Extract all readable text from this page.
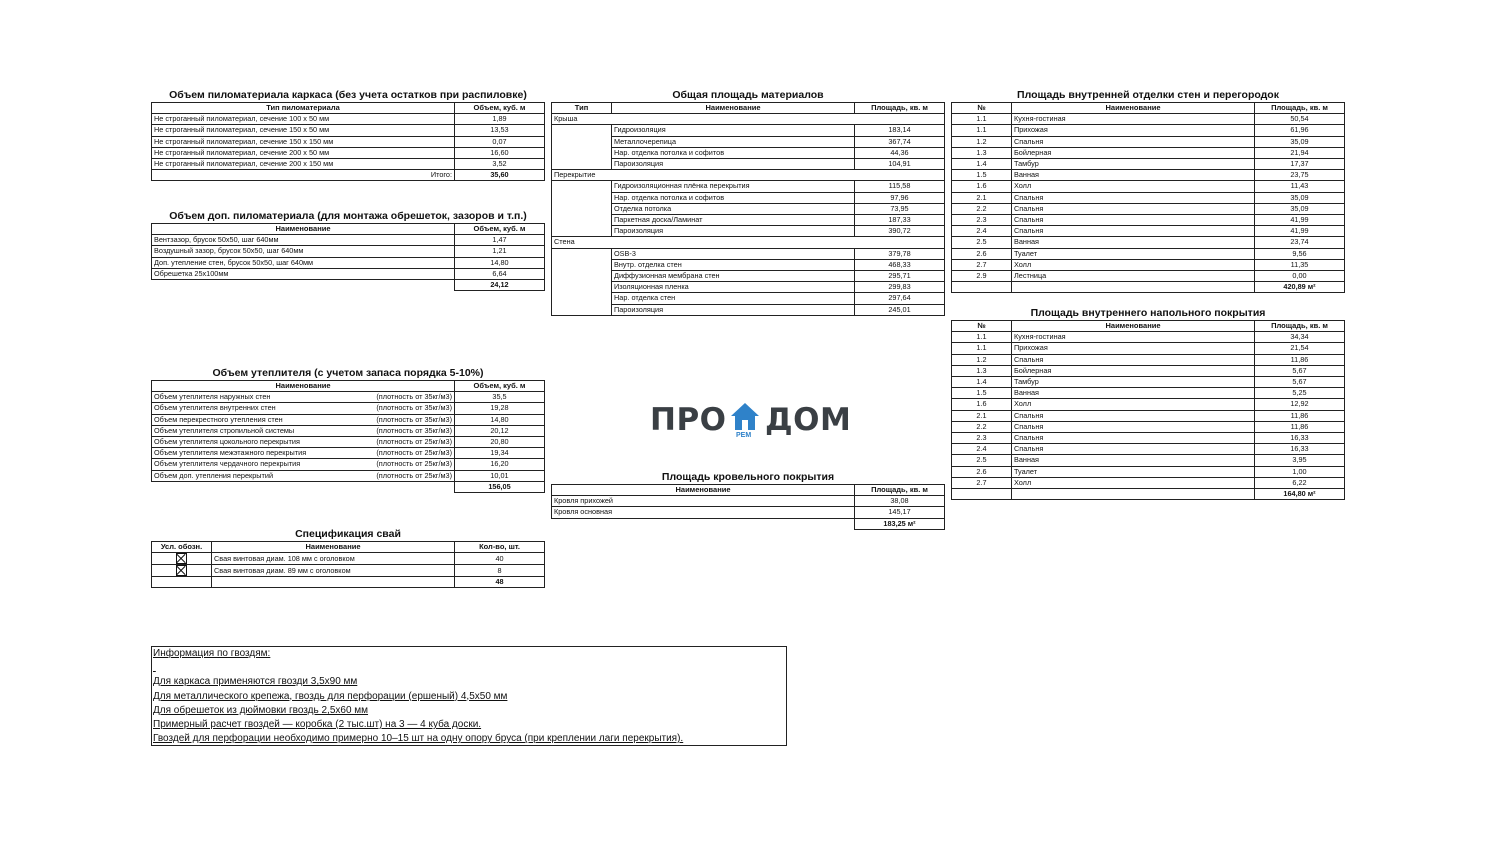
Объем пиломатериала каркаса (без учета остатков при распиловке)
Тип пиломатериала	Объем, куб. м
Не строганный пиломатериал, сечение 100 х 50 мм	1,89
Не строганный пиломатериал, сечение 150 х 50 мм	13,53
Не строганный пиломатериал, сечение 150 х 150 мм	0,07
Не строганный пиломатериал, сечение 200 х 50 мм	16,60
Не строганный пиломатериал, сечение 200 х 150 мм	3,52
Итого:	35,60
Объем доп. пиломатериала (для монтажа обрешеток, зазоров и т.п.)
Наименование	Объем, куб. м
Вентзазор, брусок 50х50, шаг 640мм	1,47
Воздушный зазор, брусок 50х50, шаг 640мм	1,21
Доп. утепление стен, брусок 50х50, шаг 640мм	14,80
Обрешетка 25х100мм	6,64
	24,12
Объем утеплителя (с учетом запаса порядка 5-10%)
Наименование	Объем, куб. м

Объем утеплителя наружных стен (плотность от 35кг/м3)	35,5

Объем утеплителя внутренних стен (плотность от 35кг/м3)	19,28

Объем перекрестного утепления стен (плотность от 35кг/м3)	14,80

Объем утеплителя стропильной системы (плотность от 35кг/м3)	20,12

Объем утеплителя цокольного перекрытия (плотность от 25кг/м3)	20,80

Объем утеплителя межэтажного перекрытия (плотность от 25кг/м3)	19,34

Объем утеплителя чердачного перекрытия (плотность от 25кг/м3)	16,20

Объем доп. утепления перекрытий (плотность от 25кг/м3)	10,01
	156,05
Спецификация свай
Усл. обозн.	Наименование	Кол-во, шт.
	Свая винтовая диам. 108 мм с оголовком	40
	Свая винтовая диам. 89 мм с оголовком	8
		48
Общая площадь материалов
Тип	Наименование	Площадь, кв. м
Крыша		
	Гидроизоляция	183,14
	Металлочерепица	367,74
	Нар. отделка потолка и софитов	44,36
	Пароизоляция	104,91
Перекрытие		
	Гидроизоляционная плёнка перекрытия	115,58
	Нар. отделка потолка и софитов	97,96
	Отделка потолка	73,95
	Паркетная доска/Ламинат	187,33
	Пароизоляция	390,72
Стена		
	OSB-3	379,78
	Внутр. отделка стен	468,33
	Диффузионная мембрана стен	295,71
	Изоляционная пленка	299,83
	Нар. отделка стен	297,64
	Пароизоляция	245,01
ПРО РЕМ ДОМ
Площадь кровельного покрытия
Наименование	Площадь, кв. м
Кровля прихожей	38,08
Кровля основная	145,17
	183,25 м²
Площадь внутренней отделки стен и перегородок
№	Наименование	Площадь, кв. м
1.1	Кухня-гостиная	50,54
1.1	Прихожая	61,96
1.2	Спальня	35,09
1.3	Бойлерная	21,94
1.4	Тамбур	17,37
1.5	Ванная	23,75
1.6	Холл	11,43
2.1	Спальня	35,09
2.2	Спальня	35,09
2.3	Спальня	41,99
2.4	Спальня	41,99
2.5	Ванная	23,74
2.6	Туалет	9,56
2.7	Холл	11,35
2.9	Лестница	0,00
		420,89 м²
Площадь внутреннего напольного покрытия
№	Наименование	Площадь, кв. м
1.1	Кухня-гостиная	34,34
1.1	Прихожая	21,54
1.2	Спальня	11,86
1.3	Бойлерная	5,67
1.4	Тамбур	5,67
1.5	Ванная	5,25
1.6	Холл	12,92
2.1	Спальня	11,86
2.2	Спальня	11,86
2.3	Спальня	16,33
2.4	Спальня	16,33
2.5	Ванная	3,95
2.6	Туалет	1,00
2.7	Холл	6,22
		164,80 м²
Информация по гвоздям:

Для каркаса применяются гвозди 3,5х90 мм
Для металлического крепежа, гвоздь для перфорации (ершеный) 4,5х50 мм
Для обрешеток из дюймовки гвоздь 2,5х60 мм
Примерный расчет гвоздей — коробка (2 тыс.шт) на 3 — 4 куба доски.
Гвоздей для перфорации необходимо примерно 10–15 шт на одну опору бруса (при креплении лаги перекрытия).
